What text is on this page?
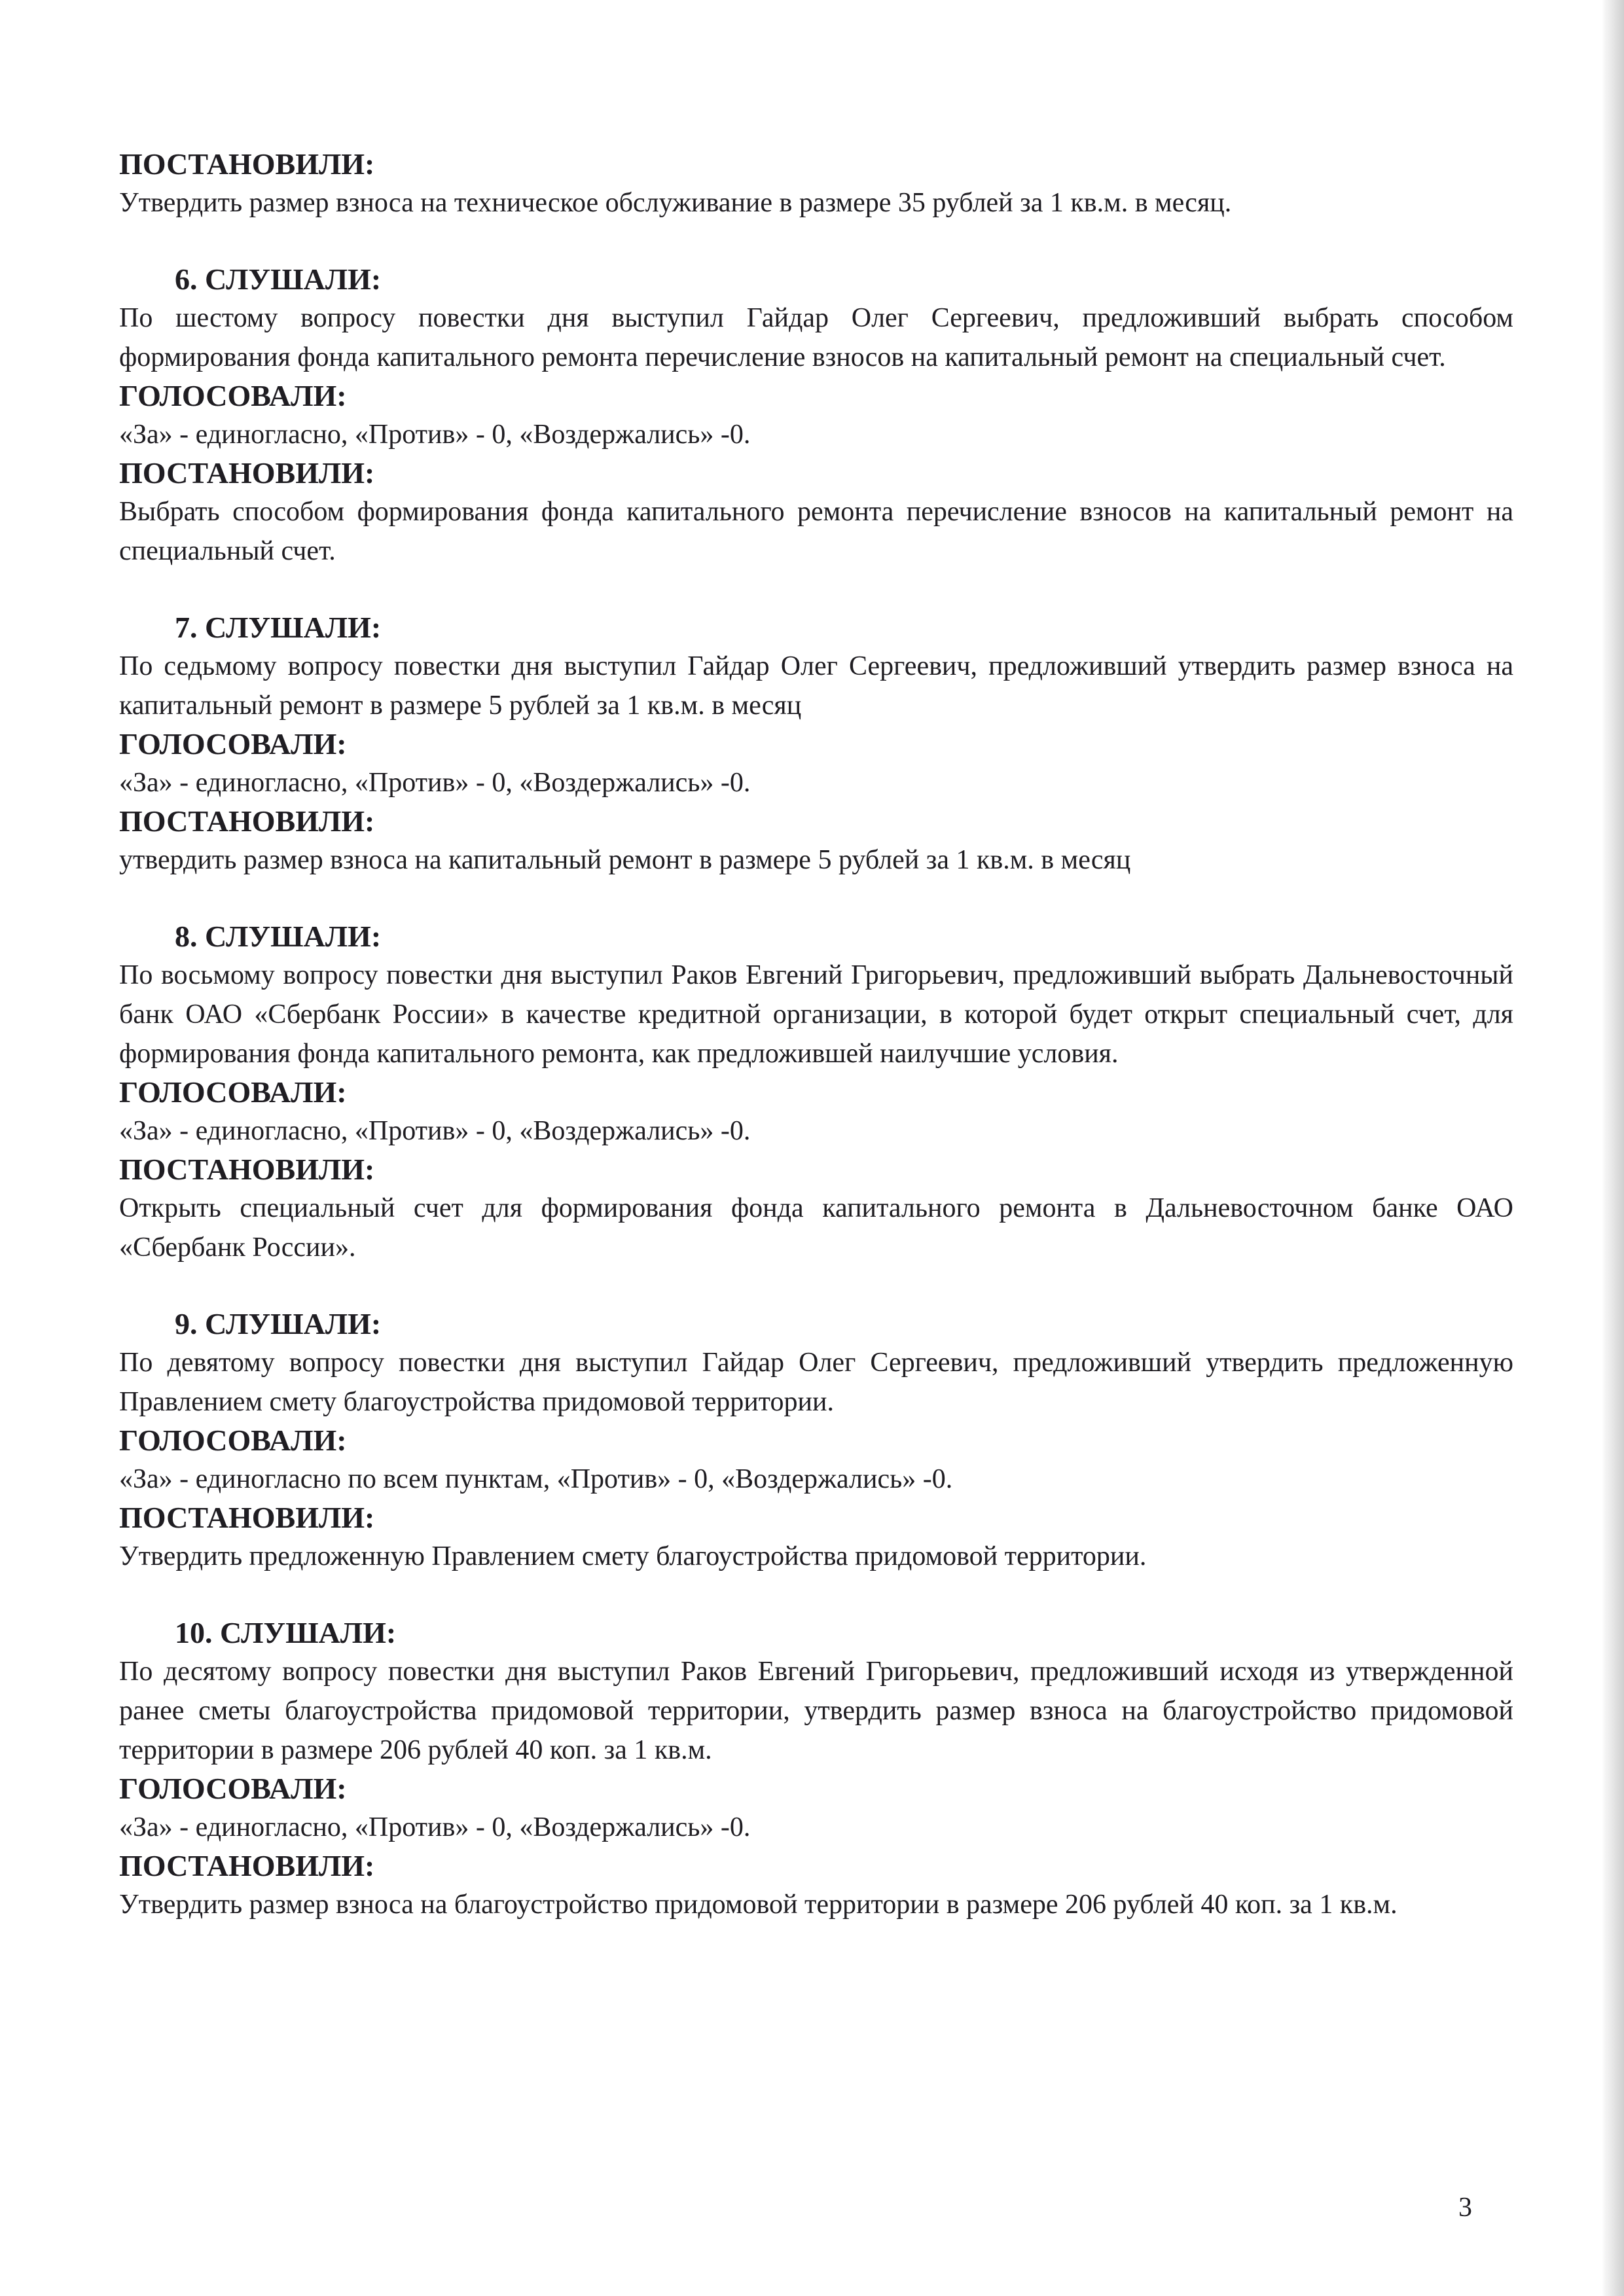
ПОСТАНОВИЛИ:

Утвердить размер взноса на техническое обслуживание в размере 35 рублей за 1 кв.м. в месяц.

6. СЛУШАЛИ:

По шестому вопросу повестки дня выступил Гайдар Олег Сергеевич, предложивший выбрать способом формирования фонда капитального ремонта перечисление взносов на капитальный ремонт на специальный счет.

ГОЛОСОВАЛИ:

«За» - единогласно, «Против» - 0, «Воздержались» -0.

ПОСТАНОВИЛИ:

Выбрать способом формирования фонда капитального ремонта перечисление взносов на капитальный ремонт на специальный счет.

7. СЛУШАЛИ:

По седьмому вопросу повестки дня выступил Гайдар Олег Сергеевич, предложивший утвердить размер взноса на капитальный ремонт в размере 5 рублей за 1 кв.м. в месяц

ГОЛОСОВАЛИ:

«За» - единогласно, «Против» - 0, «Воздержались» -0.

ПОСТАНОВИЛИ:

утвердить размер взноса на капитальный ремонт в размере 5 рублей за 1 кв.м. в месяц

8. СЛУШАЛИ:

По восьмому вопросу повестки дня выступил Раков Евгений Григорьевич, предложивший выбрать Дальневосточный банк ОАО «Сбербанк России» в качестве кредитной организации, в которой будет открыт специальный счет, для формирования фонда капитального ремонта, как предложившей наилучшие условия.

ГОЛОСОВАЛИ:

«За» - единогласно, «Против» - 0, «Воздержались» -0.

ПОСТАНОВИЛИ:

Открыть специальный счет для формирования фонда капитального ремонта в Дальневосточном банке ОАО «Сбербанк России».

9. СЛУШАЛИ:

По девятому вопросу повестки дня выступил Гайдар Олег Сергеевич, предложивший утвердить предложенную Правлением смету благоустройства придомовой территории.

ГОЛОСОВАЛИ:

«За» - единогласно по всем пунктам, «Против» - 0, «Воздержались» -0.

ПОСТАНОВИЛИ:

Утвердить предложенную Правлением смету благоустройства придомовой территории.

10. СЛУШАЛИ:

По десятому вопросу повестки дня выступил Раков Евгений Григорьевич, предложивший исходя из утвержденной ранее сметы благоустройства придомовой территории, утвердить размер взноса на благоустройство придомовой территории в размере 206 рублей 40 коп. за 1 кв.м.

ГОЛОСОВАЛИ:

«За» - единогласно, «Против» - 0, «Воздержались» -0.

ПОСТАНОВИЛИ:

Утвердить размер взноса на благоустройство придомовой территории в размере 206 рублей 40 коп. за 1 кв.м.

3
